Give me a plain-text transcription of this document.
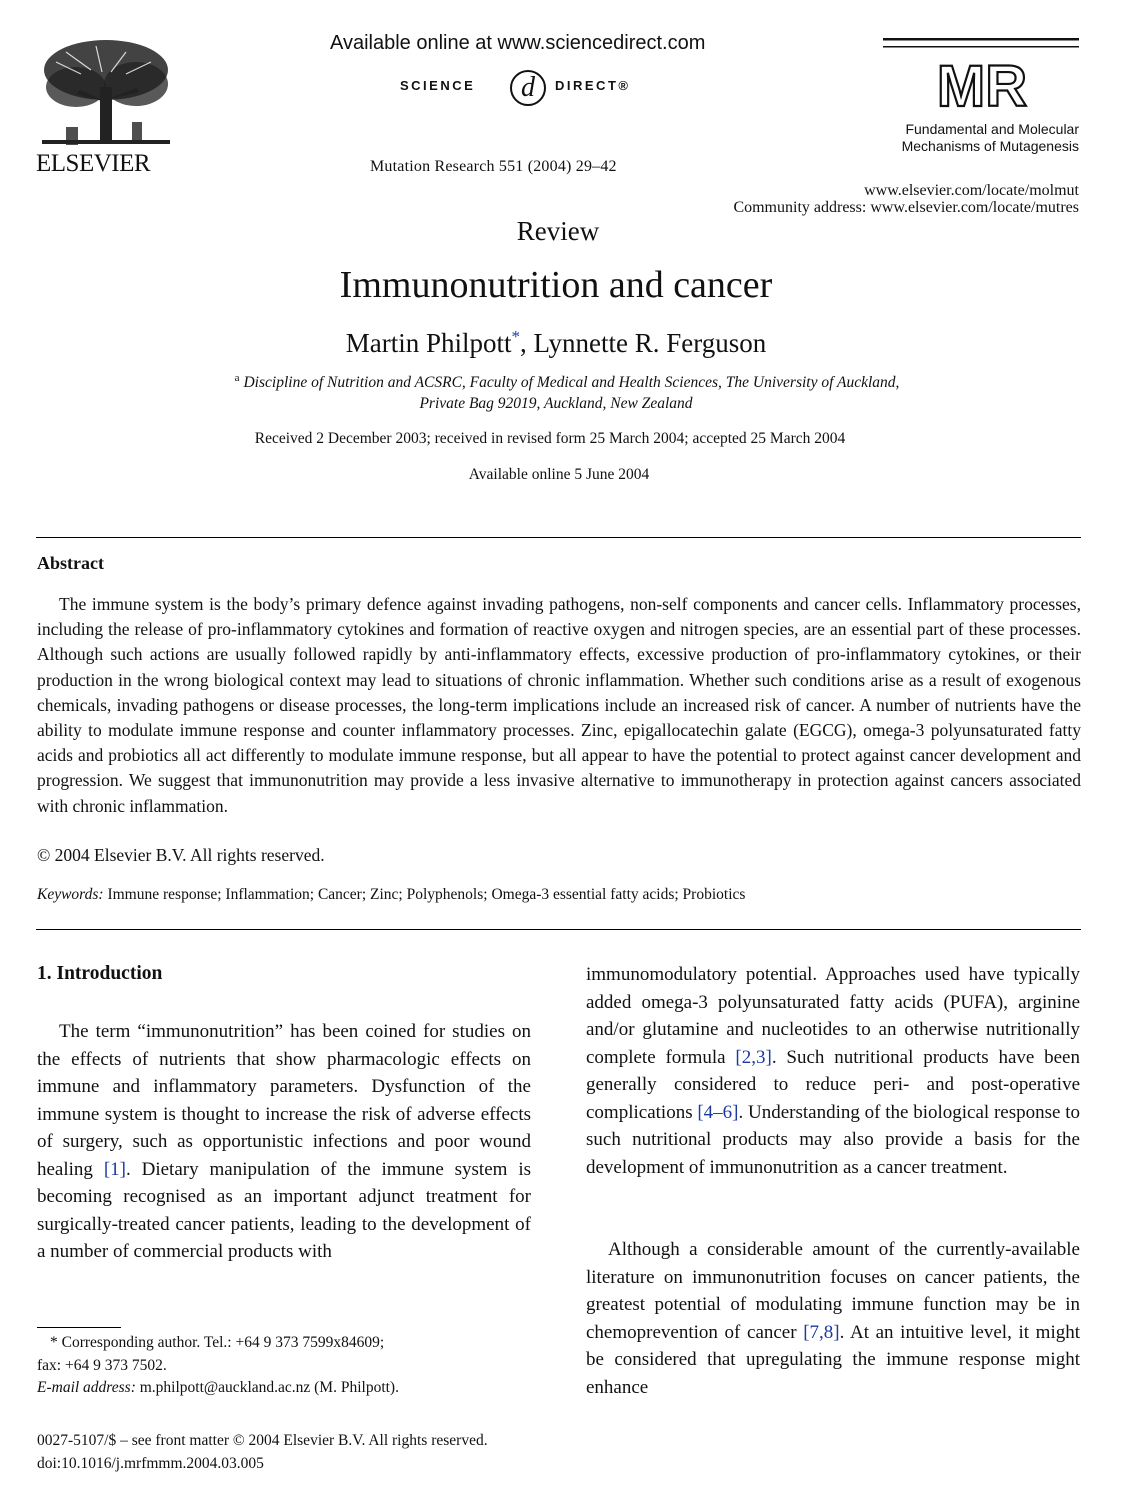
ELSEVIER
Available online at www.sciencedirect.com
d
SCIENCE	DIRECT®
Mutation Research 551 (2004) 29–42
MR
Fundamental and Molecular
Mechanisms of Mutagenesis
www.elsevier.com/locate/molmut
Community address: www.elsevier.com/locate/mutres
Review
Immunonutrition and cancer
Martin Philpott*, Lynnette R. Ferguson
$^a$ Discipline of Nutrition and ACSRC, Faculty of Medical and Health Sciences, The University of Auckland,
Private Bag 92019, Auckland, New Zealand
Received 2 December 2003; received in revised form 25 March 2004; accepted 25 March 2004
Available online 5 June 2004
Abstract

The immune system is the body’s primary defence against invading pathogens, non-self components and cancer cells. Inflammatory processes, including the release of pro-inflammatory cytokines and formation of reactive oxygen and nitrogen species, are an essential part of these processes. Although such actions are usually followed rapidly by anti-inflammatory effects, excessive production of pro-inflammatory cytokines, or their production in the wrong biological context may lead to situations of chronic inflammation. Whether such conditions arise as a result of exogenous chemicals, invading pathogens or disease processes, the long-term implications include an increased risk of cancer. A number of nutrients have the ability to modulate immune response and counter inflammatory processes. Zinc, epigallocatechin galate (EGCG), omega-3 polyunsaturated fatty acids and probiotics all act differently to modulate immune response, but all appear to have the potential to protect against cancer development and progression. We suggest that immunonutrition may provide a less invasive alternative to immunotherapy in protection against cancers associated with chronic inflammation.

© 2004 Elsevier B.V. All rights reserved.
Keywords: Immune response; Inflammation; Cancer; Zinc; Polyphenols; Omega-3 essential fatty acids; Probiotics
1. Introduction

The term “immunonutrition” has been coined for studies on the effects of nutrients that show pharmacologic effects on immune and inflammatory parameters. Dysfunction of the immune system is thought to increase the risk of adverse effects of surgery, such as opportunistic infections and poor wound healing [1]. Dietary manipulation of the immune system is becoming recognised as an important adjunct treatment for surgically-treated cancer patients, leading to the development of a number of commercial products with

immunomodulatory potential. Approaches used have typically added omega-3 polyunsaturated fatty acids (PUFA), arginine and/or glutamine and nucleotides to an otherwise nutritionally complete formula [2,3]. Such nutritional products have been generally considered to reduce peri- and post-operative complications [4–6]. Understanding of the biological response to such nutritional products may also provide a basis for the development of immunonutrition as a cancer treatment.

Although a considerable amount of the currently-available literature on immunonutrition focuses on cancer patients, the greatest potential of modulating immune function may be in chemoprevention of cancer [7,8]. At an intuitive level, it might be considered that upregulating the immune response might enhance

* Corresponding author. Tel.: +64 9 373 7599x84609;
fax: +64 9 373 7502.
E-mail address: m.philpott@auckland.ac.nz (M. Philpott).
0027-5107/$ – see front matter © 2004 Elsevier B.V. All rights reserved.
doi:10.1016/j.mrfmmm.2004.03.005
